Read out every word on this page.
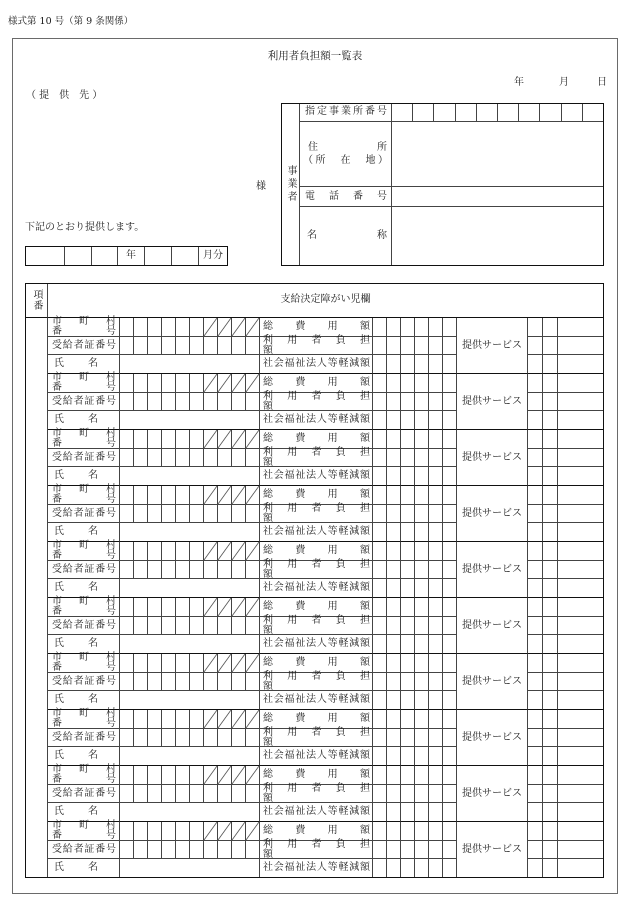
様式第 10 号（第 9 条関係）
利用者負担額一覧表
年	月	日
（ 提　供　先 ）
様
下記のとおり提供します。
事業者
指定事業所番号
住　所
（所　在　地）
電　話　番　号
名　称
年	月分
項番	支給決定障がい児欄
市　町　村　番　号	総　費　用　額
受給者証番号	利　用　者　負　担　額
氏　名	社会福祉法人等軽減額
提供サービス
市　町　村　番　号	総　費　用　額
受給者証番号	利　用　者　負　担　額
氏　名	社会福祉法人等軽減額
提供サービス
市　町　村　番　号	総　費　用　額
受給者証番号	利　用　者　負　担　額
氏　名	社会福祉法人等軽減額
提供サービス
市　町　村　番　号	総　費　用　額
受給者証番号	利　用　者　負　担　額
氏　名	社会福祉法人等軽減額
提供サービス
市　町　村　番　号	総　費　用　額
受給者証番号	利　用　者　負　担　額
氏　名	社会福祉法人等軽減額
提供サービス
市　町　村　番　号	総　費　用　額
受給者証番号	利　用　者　負　担　額
氏　名	社会福祉法人等軽減額
提供サービス
市　町　村　番　号	総　費　用　額
受給者証番号	利　用　者　負　担　額
氏　名	社会福祉法人等軽減額
提供サービス
市　町　村　番　号	総　費　用　額
受給者証番号	利　用　者　負　担　額
氏　名	社会福祉法人等軽減額
提供サービス
市　町　村　番　号	総　費　用　額
受給者証番号	利　用　者　負　担　額
氏　名	社会福祉法人等軽減額
提供サービス
市　町　村　番　号	総　費　用　額
受給者証番号	利　用　者　負　担　額
氏　名	社会福祉法人等軽減額
提供サービス
